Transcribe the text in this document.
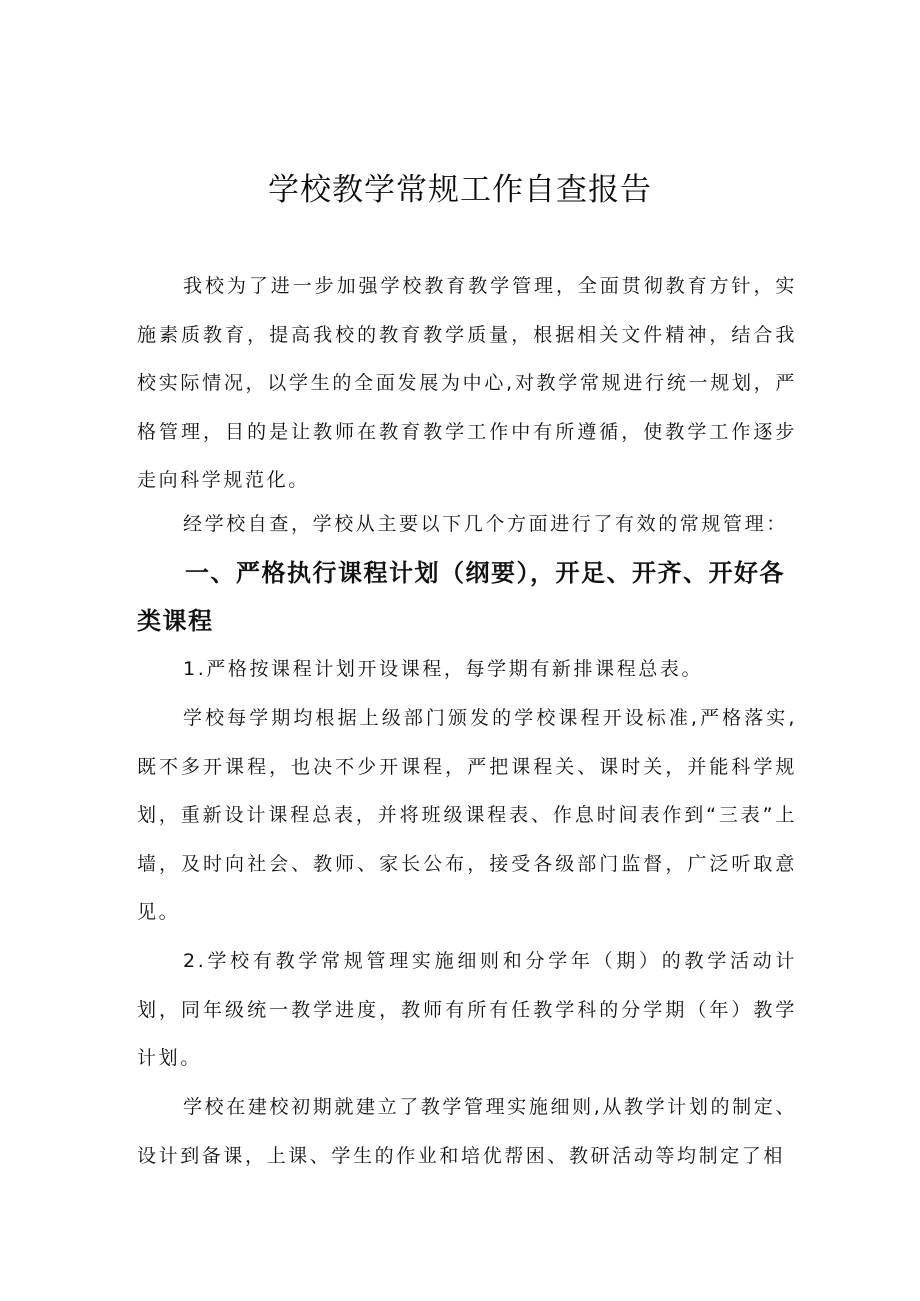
学校教学常规工作自查报告

我校为了进一步加强学校教育教学管理，全面贯彻教育方针，实施素质教育，提高我校的教育教学质量，根据相关文件精神，结合我校实际情况，以学生的全面发展为中心,对教学常规进行统一规划，严格管理，目的是让教师在教育教学工作中有所遵循，使教学工作逐步走向科学规范化。

经学校自查，学校从主要以下几个方面进行了有效的常规管理：

一、严格执行课程计划（纲要），开足、开齐、开好各类课程

1.严格按课程计划开设课程，每学期有新排课程总表。

学校每学期均根据上级部门颁发的学校课程开设标准,严格落实,既不多开课程，也决不少开课程，严把课程关、课时关，并能科学规划，重新设计课程总表，并将班级课程表、作息时间表作到“三表”上墙，及时向社会、教师、家长公布，接受各级部门监督，广泛听取意见。

2.学校有教学常规管理实施细则和分学年（期）的教学活动计划，同年级统一教学进度，教师有所有任教学科的分学期（年）教学计划。

学校在建校初期就建立了教学管理实施细则,从教学计划的制定、设计到备课，上课、学生的作业和培优帮困、教研活动等均制定了相
